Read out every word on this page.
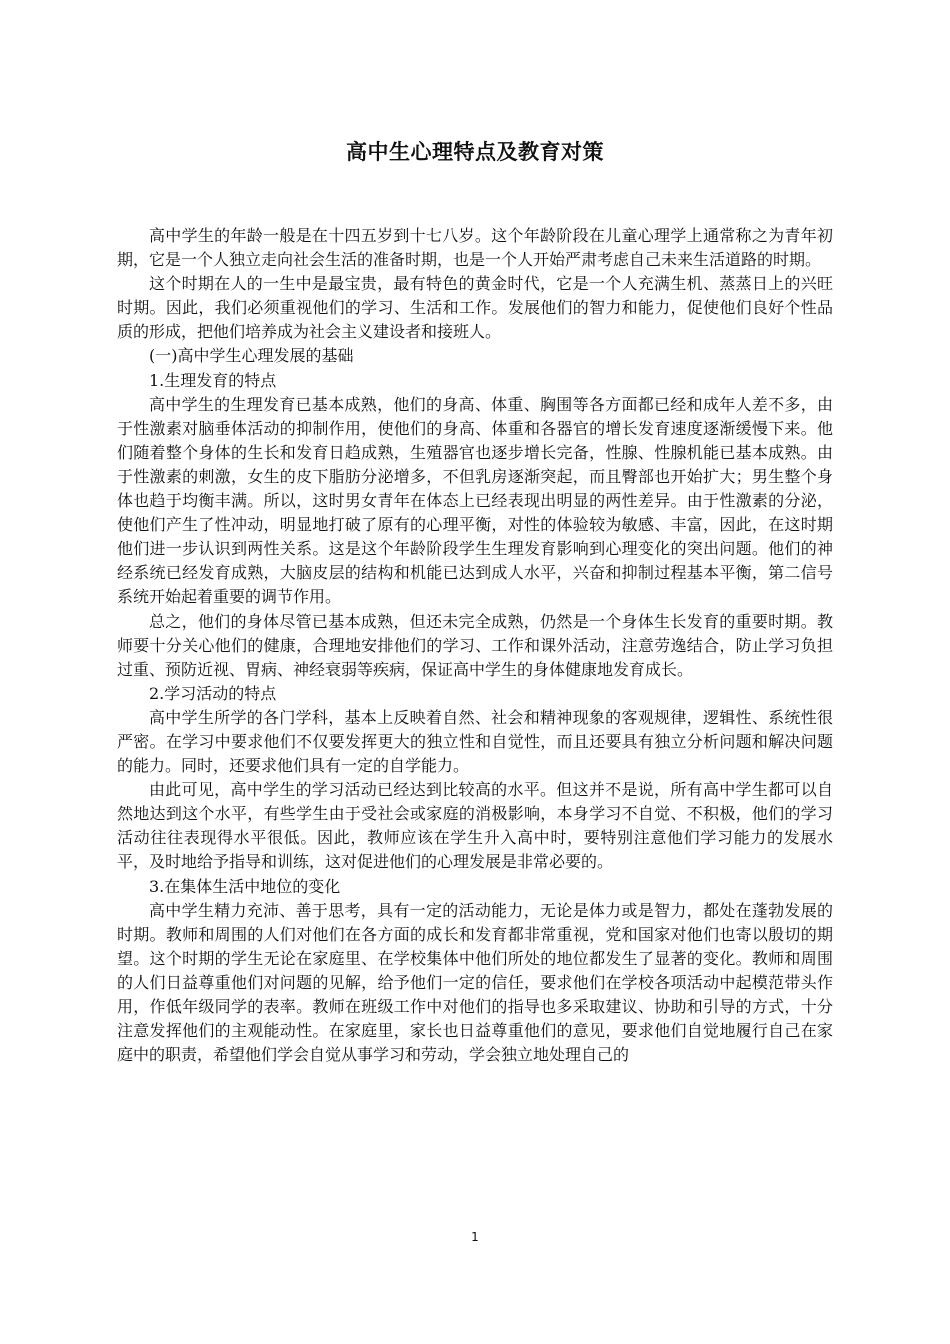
高中生心理特点及教育对策

高中学生的年龄一般是在十四五岁到十七八岁。这个年龄阶段在儿童心理学上通常称之为青年初期，它是一个人独立走向社会生活的准备时期，也是一个人开始严肃考虑自己未来生活道路的时期。

这个时期在人的一生中是最宝贵，最有特色的黄金时代，它是一个人充满生机、蒸蒸日上的兴旺时期。因此，我们必须重视他们的学习、生活和工作。发展他们的智力和能力，促使他们良好个性品质的形成，把他们培养成为社会主义建设者和接班人。

(一)高中学生心理发展的基础

1.生理发育的特点

高中学生的生理发育已基本成熟，他们的身高、体重、胸围等各方面都已经和成年人差不多，由于性激素对脑垂体活动的抑制作用，使他们的身高、体重和各器官的增长发育速度逐渐缓慢下来。他们随着整个身体的生长和发育日趋成熟，生殖器官也逐步增长完备，性腺、性腺机能已基本成熟。由于性激素的刺激，女生的皮下脂肪分泌增多，不但乳房逐渐突起，而且臀部也开始扩大；男生整个身体也趋于均衡丰满。所以，这时男女青年在体态上已经表现出明显的两性差异。由于性激素的分泌，使他们产生了性冲动，明显地打破了原有的心理平衡，对性的体验较为敏感、丰富，因此，在这时期他们进一步认识到两性关系。这是这个年龄阶段学生生理发育影响到心理变化的突出问题。他们的神经系统已经发育成熟，大脑皮层的结构和机能已达到成人水平，兴奋和抑制过程基本平衡，第二信号系统开始起着重要的调节作用。

总之，他们的身体尽管已基本成熟，但还未完全成熟，仍然是一个身体生长发育的重要时期。教师要十分关心他们的健康，合理地安排他们的学习、工作和课外活动，注意劳逸结合，防止学习负担过重、预防近视、胃病、神经衰弱等疾病，保证高中学生的身体健康地发育成长。

2.学习活动的特点

高中学生所学的各门学科，基本上反映着自然、社会和精神现象的客观规律，逻辑性、系统性很严密。在学习中要求他们不仅要发挥更大的独立性和自觉性，而且还要具有独立分析问题和解决问题的能力。同时，还要求他们具有一定的自学能力。

由此可见，高中学生的学习活动已经达到比较高的水平。但这并不是说，所有高中学生都可以自然地达到这个水平，有些学生由于受社会或家庭的消极影响，本身学习不自觉、不积极，他们的学习活动往往表现得水平很低。因此，教师应该在学生升入高中时，要特别注意他们学习能力的发展水平，及时地给予指导和训练，这对促进他们的心理发展是非常必要的。

3.在集体生活中地位的变化

高中学生精力充沛、善于思考，具有一定的活动能力，无论是体力或是智力，都处在蓬勃发展的时期。教师和周围的人们对他们在各方面的成长和发育都非常重视，党和国家对他们也寄以殷切的期望。这个时期的学生无论在家庭里、在学校集体中他们所处的地位都发生了显著的变化。教师和周围的人们日益尊重他们对问题的见解，给予他们一定的信任，要求他们在学校各项活动中起模范带头作用，作低年级同学的表率。教师在班级工作中对他们的指导也多采取建议、协助和引导的方式，十分注意发挥他们的主观能动性。在家庭里，家长也日益尊重他们的意见，要求他们自觉地履行自己在家庭中的职责，希望他们学会自觉从事学习和劳动，学会独立地处理自己的

1
